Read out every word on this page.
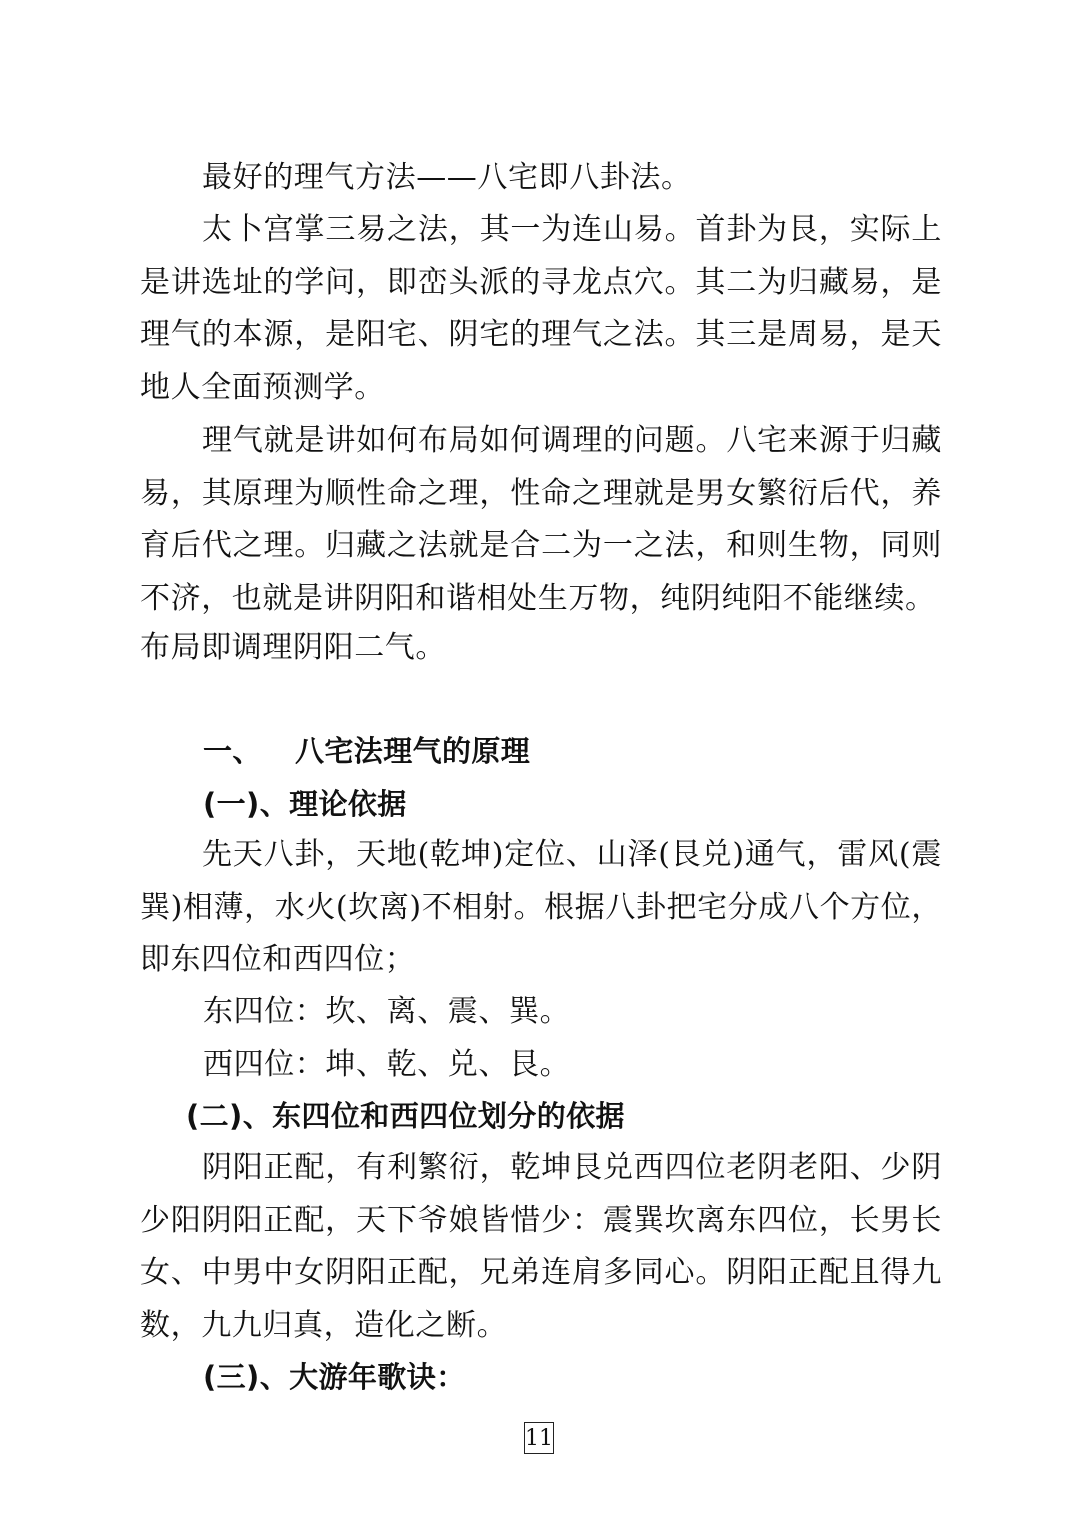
最好的理气方法——八宅即八卦法。

太卜宫掌三易之法，其一为连山易。首卦为艮，实际上是讲选址的学问，即峦头派的寻龙点穴。其二为归藏易，是理气的本源，是阳宅、阴宅的理气之法。其三是周易，是天地人全面预测学。

理气就是讲如何布局如何调理的问题。八宅来源于归藏易，其原理为顺性命之理，性命之理就是男女繁衍后代，养育后代之理。归藏之法就是合二为一之法，和则生物，同则不济，也就是讲阴阳和谐相处生万物，纯阴纯阳不能继续。

布局即调理阴阳二气。

一、 八宅法理气的原理
(一)、理论依据

先天八卦，天地(乾坤)定位、山泽(艮兑)通气，雷风(震巽)相薄，水火(坎离)不相射。根据八卦把宅分成八个方位，即东四位和西四位；

东四位：坎、离、震、巽。

西四位：坤、乾、兑、艮。

(二)、东四位和西四位划分的依据

阴阳正配，有利繁衍，乾坤艮兑西四位老阴老阳、少阴少阳阴阳正配，天下爷娘皆惜少：震巽坎离东四位，长男长女、中男中女阴阳正配，兄弟连肩多同心。阴阳正配且得九数，九九归真，造化之断。

(三)、大游年歌诀：
11
